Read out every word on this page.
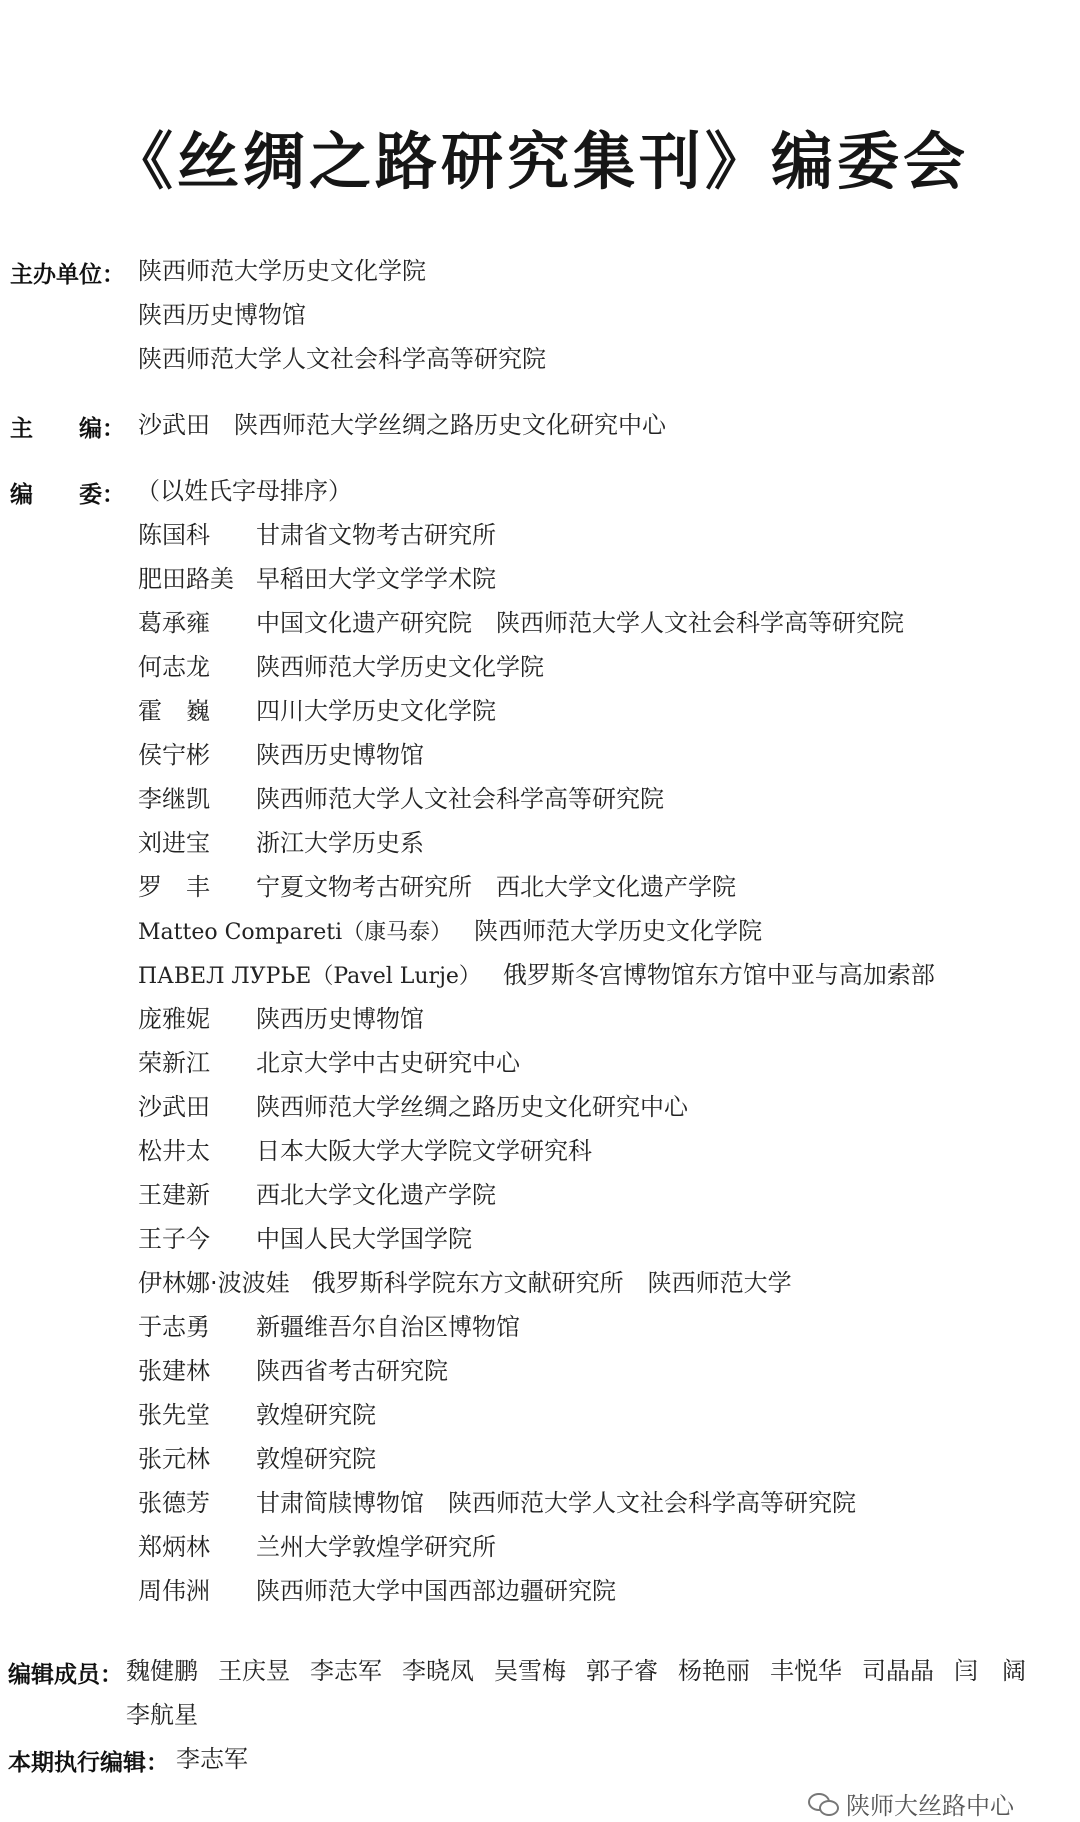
《丝绸之路研究集刊》编委会
主办单位： 陕西师范大学历史文化学院
陕西历史博物馆
陕西师范大学人文社会科学高等研究院
主　　编： 沙武田 陕西师范大学丝绸之路历史文化研究中心
编　　委： （以姓氏字母排序）
陈国科 甘肃省文物考古研究所
肥田路美 早稻田大学文学学术院
葛承雍 中国文化遗产研究院　陕西师范大学人文社会科学高等研究院
何志龙 陕西师范大学历史文化学院
霍　巍 四川大学历史文化学院
侯宁彬 陕西历史博物馆
李继凯 陕西师范大学人文社会科学高等研究院
刘进宝 浙江大学历史系
罗　丰 宁夏文物考古研究所　西北大学文化遗产学院
Matteo Compareti（康马泰） 陕西师范大学历史文化学院
ПАВЕЛ ЛУРЬЕ（Pavel Lurje） 俄罗斯冬宫博物馆东方馆中亚与高加索部
庞雅妮 陕西历史博物馆
荣新江 北京大学中古史研究中心
沙武田 陕西师范大学丝绸之路历史文化研究中心
松井太 日本大阪大学大学院文学研究科
王建新 西北大学文化遗产学院
王子今 中国人民大学国学院
伊林娜·波波娃 俄罗斯科学院东方文献研究所　陕西师范大学
于志勇 新疆维吾尔自治区博物馆
张建林 陕西省考古研究院
张先堂 敦煌研究院
张元林 敦煌研究院
张德芳 甘肃简牍博物馆　陕西师范大学人文社会科学高等研究院
郑炳林 兰州大学敦煌学研究所
周伟洲 陕西师范大学中国西部边疆研究院
编辑成员： 魏健鹏 王庆昱 李志军 李晓凤 吴雪梅 郭子睿 杨艳丽 丰悦华 司晶晶 闫　阔
李航星
本期执行编辑： 李志军
陕师大丝路中心
